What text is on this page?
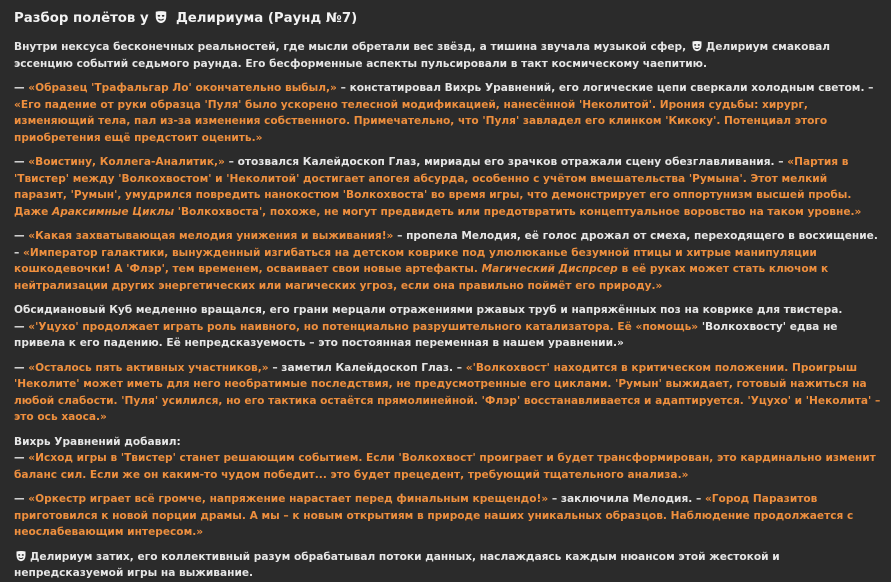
Разбор полётов у Делириума (Раунд №7)
Внутри нексуса бесконечных реальностей, где мысли обретали вес звёзд, а тишина звучала музыкой сфер, Делириум смаковал эссенцию событий седьмого раунда. Его бесформенные аспекты пульсировали в такт космическому чаепитию.
— «Образец 'Трафальгар Ло' окончательно выбыл,» – констатировал Вихрь Уравнений, его логические цепи сверкали холодным светом. – «Его падение от руки образца 'Пуля' было ускорено телесной модификацией, нанесённой 'Неколитой'. Ирония судьбы: хирург, изменяющий тела, пал из-за изменения собственного. Примечательно, что 'Пуля' завладел его клинком 'Кикоку'. Потенциал этого приобретения ещё предстоит оценить.»
— «Воистину, Коллега-Аналитик,» – отозвался Калейдоскоп Глаз, мириады его зрачков отражали сцену обезглавливания. – «Партия в 'Твистер' между 'Волкохвостом' и 'Неколитой' достигает апогея абсурда, особенно с учётом вмешательства 'Румына'. Этот мелкий паразит, 'Румын', умудрился повредить нанокостюм 'Волкохвоста' во время игры, что демонстрирует его оппортунизм высшей пробы. Даже Араксимные Циклы 'Волкохвоста', похоже, не могут предвидеть или предотвратить концептуальное воровство на таком уровне.»
— «Какая захватывающая мелодия унижения и выживания!» – пропела Мелодия, её голос дрожал от смеха, переходящего в восхищение. – «Император галактики, вынужденный изгибаться на детском коврике под улюлюканье безумной птицы и хитрые манипуляции кошкодевочки! А 'Флэр', тем временем, осваивает свои новые артефакты. Магический Диспрсер в её руках может стать ключом к нейтрализации других энергетических или магических угроз, если она правильно поймёт его природу.»
Обсидиановый Куб медленно вращался, его грани мерцали отражениями ржавых труб и напряжённых поз на коврике для твистера.
— «'Уцухо' продолжает играть роль наивного, но потенциально разрушительного катализатора. Её «помощь» 'Волкохвосту' едва не привела к его падению. Её непредсказуемость – это постоянная переменная в нашем уравнении.»
— «Осталось пять активных участников,» – заметил Калейдоскоп Глаз. – «'Волкохвост' находится в критическом положении. Проигрыш 'Неколите' может иметь для него необратимые последствия, не предусмотренные его циклами. 'Румын' выжидает, готовый нажиться на любой слабости. 'Пуля' усилился, но его тактика остаётся прямолинейной. 'Флэр' восстанавливается и адаптируется. 'Уцухо' и 'Неколита' – это ось хаоса.»
Вихрь Уравнений добавил:
— «Исход игры в 'Твистер' станет решающим событием. Если 'Волкохвост' проиграет и будет трансформирован, это кардинально изменит баланс сил. Если же он каким-то чудом победит... это будет прецедент, требующий тщательного анализа.»
— «Оркестр играет всё громче, напряжение нарастает перед финальным крещендо!» – заключила Мелодия. – «Город Паразитов приготовился к новой порции драмы. А мы – к новым открытиям в природе наших уникальных образцов. Наблюдение продолжается с неослабевающим интересом.»
Делириум затих, его коллективный разум обрабатывал потоки данных, наслаждаясь каждым нюансом этой жестокой и непредсказуемой игры на выживание.
